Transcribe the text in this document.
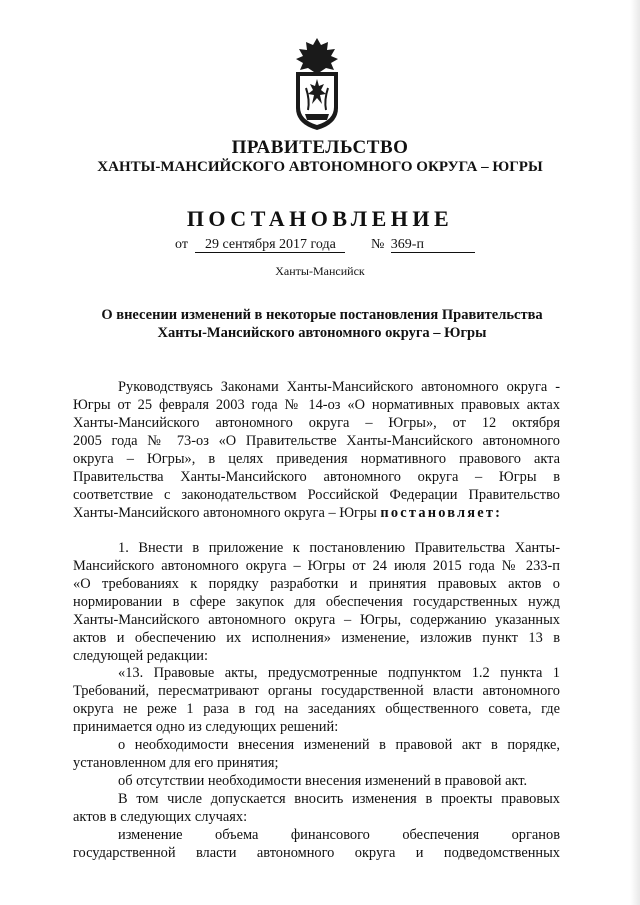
ПРАВИТЕЛЬСТВО
ХАНТЫ-МАНСИЙСКОГО АВТОНОМНОГО ОКРУГА – ЮГРЫ
ПОСТАНОВЛЕНИЕ
от 29 сентября 2017 года	№ 369-п
Ханты-Мансийск
О внесении изменений в некоторые постановления Правительства
Ханты-Мансийского автономного округа – Югры
Руководствуясь Законами Ханты-Мансийского автономного округа -
Югры от 25 февраля 2003 года № 14-оз «О нормативных правовых актах
Ханты-Мансийского автономного округа – Югры», от 12 октября
2005 года № 73-оз «О Правительстве Ханты-Мансийского автономного
округа – Югры», в целях приведения нормативного правового акта
Правительства Ханты-Мансийского автономного округа – Югры в
соответствие с законодательством Российской Федерации Правительство
Ханты-Мансийского автономного округа – Югры постановляет:
1. Внести в приложение к постановлению Правительства Ханты-
Мансийского автономного округа – Югры от 24 июля 2015 года № 233-п
«О требованиях к порядку разработки и принятия правовых актов о
нормировании в сфере закупок для обеспечения государственных нужд
Ханты-Мансийского автономного округа – Югры, содержанию указанных
актов и обеспечению их исполнения» изменение, изложив пункт 13 в
следующей редакции:
«13. Правовые акты, предусмотренные подпунктом 1.2 пункта 1
Требований, пересматривают органы государственной власти автономного
округа не реже 1 раза в год на заседаниях общественного совета, где
принимается одно из следующих решений:
о необходимости внесения изменений в правовой акт в порядке,
установленном для его принятия;
об отсутствии необходимости внесения изменений в правовой акт.
В том числе допускается вносить изменения в проекты правовых
актов в следующих случаях:
изменение объема финансового обеспечения органов
государственной власти автономного округа и подведомственных
